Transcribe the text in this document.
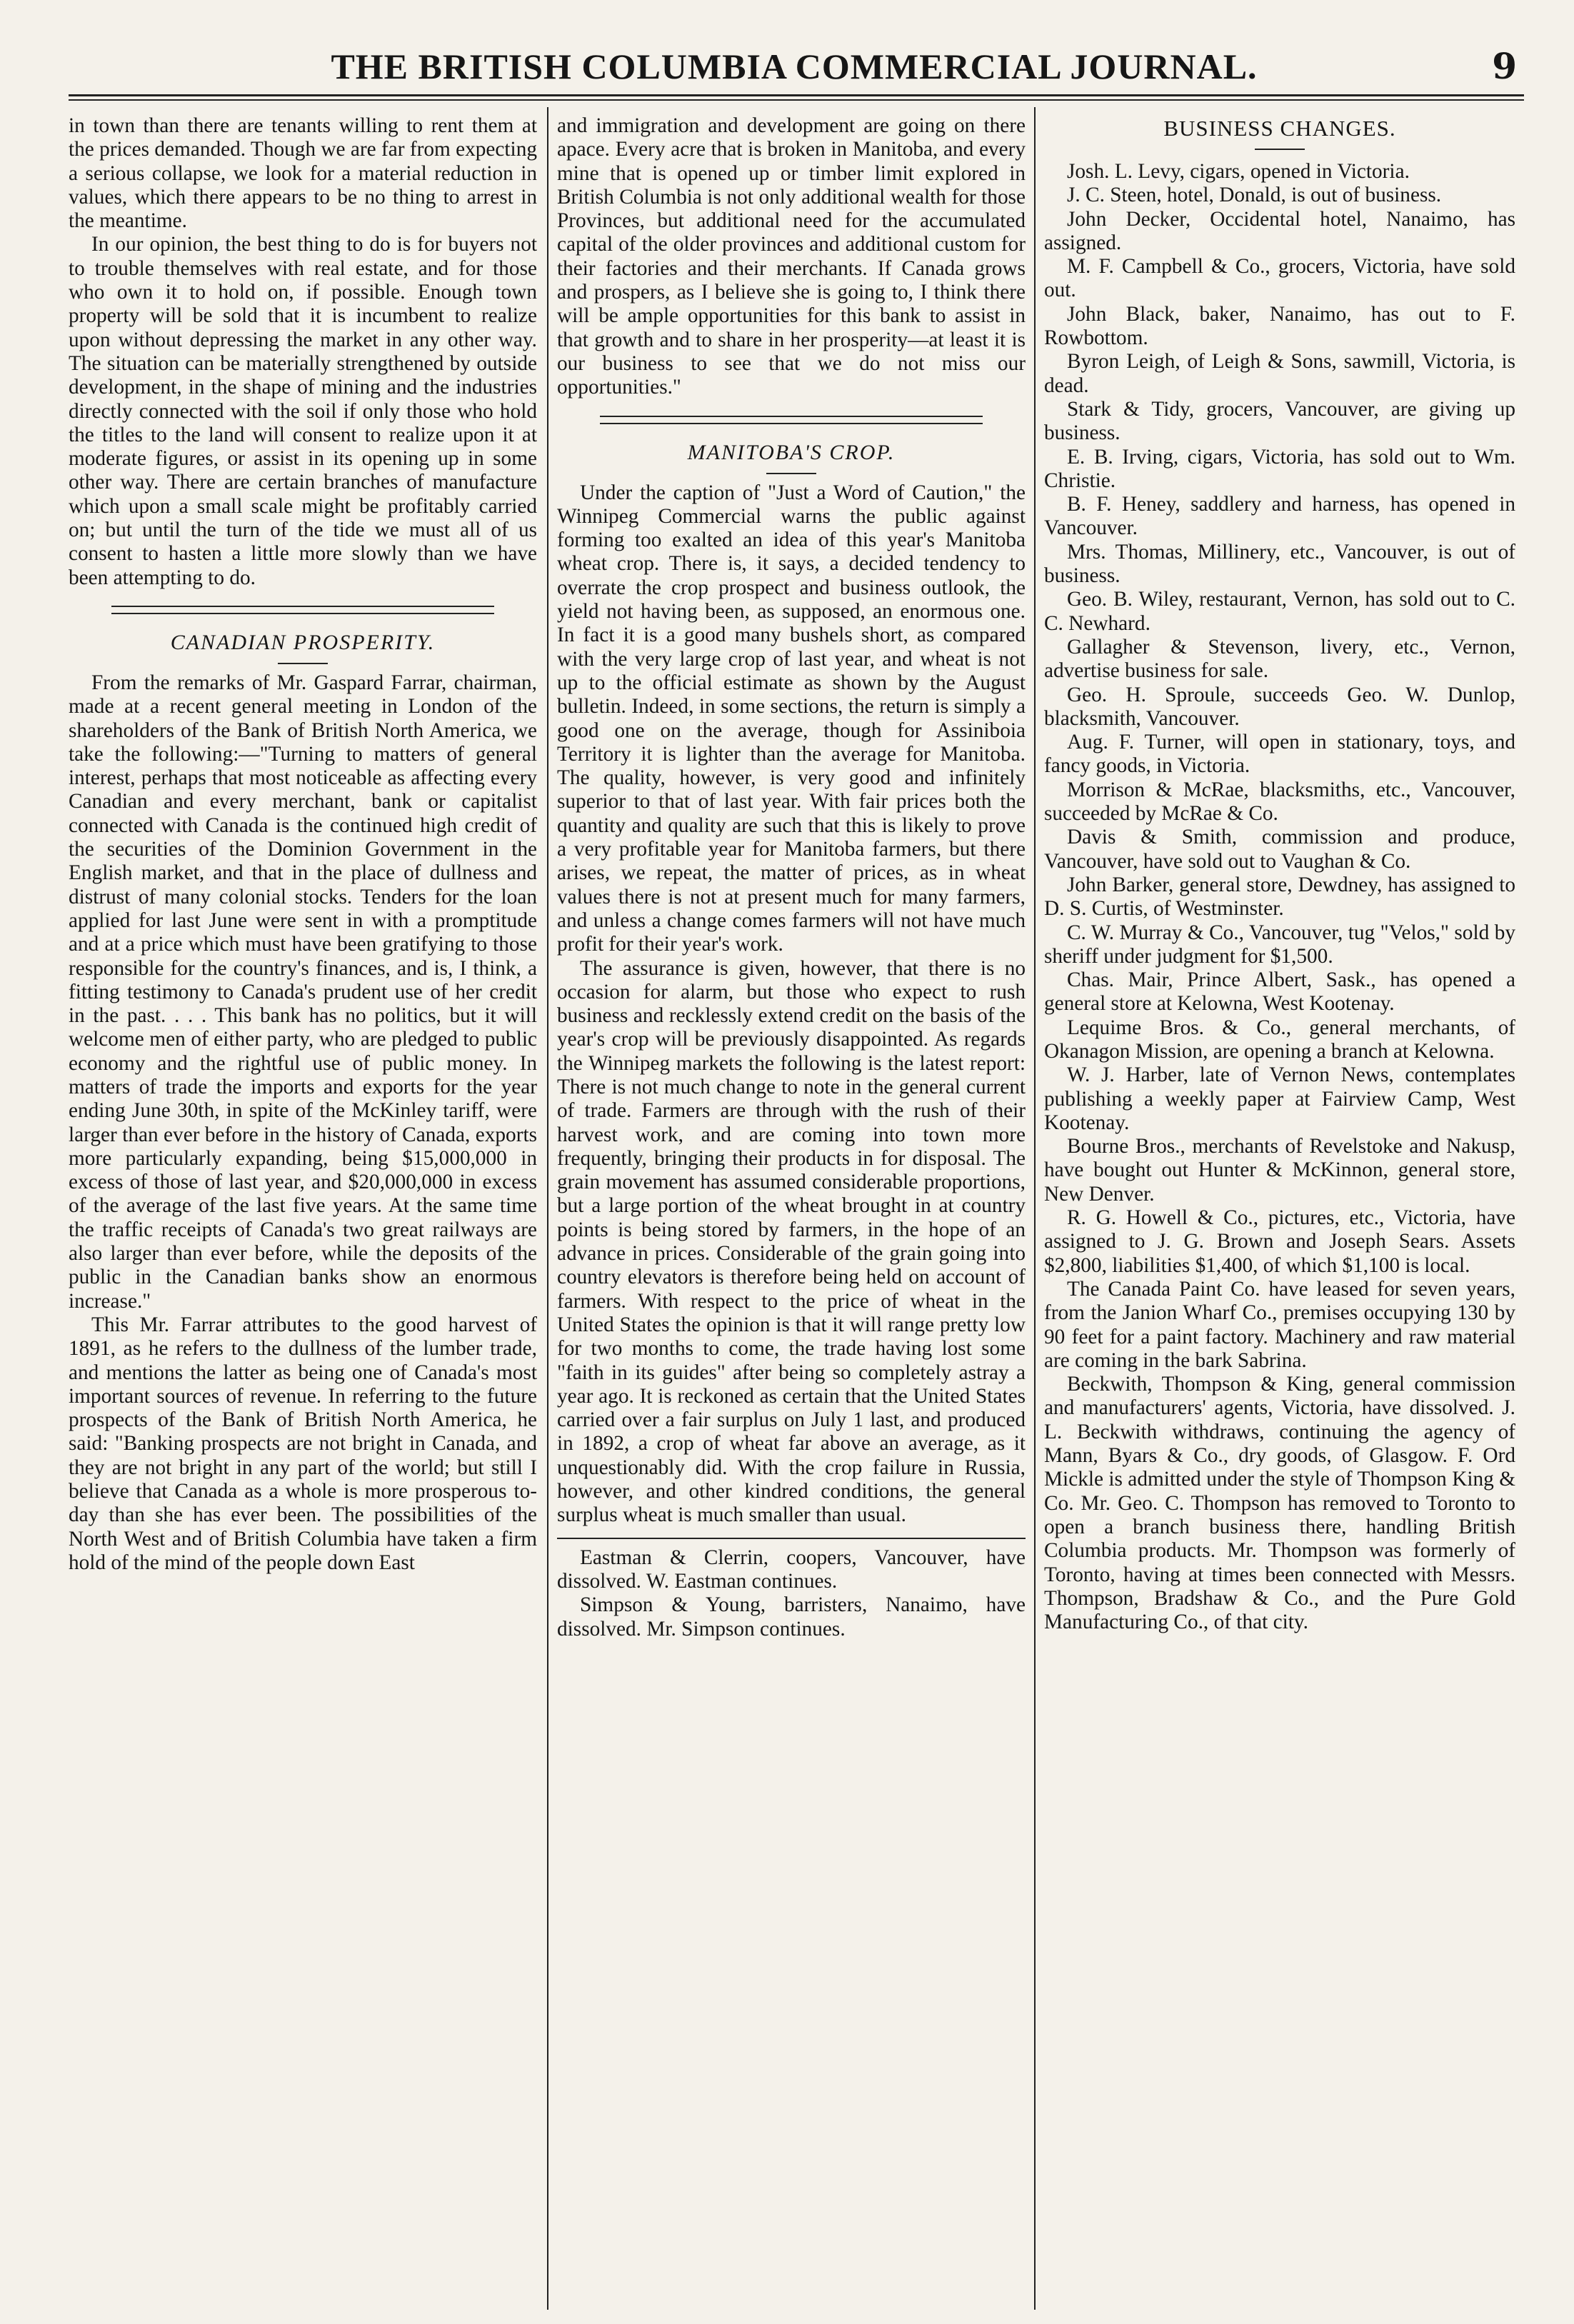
THE BRITISH COLUMBIA COMMERCIAL JOURNAL.	9

in town than there are tenants willing to rent them at the prices demanded. Though we are far from expecting a serious collapse, we look for a material reduction in values, which there appears to be no thing to arrest in the meantime.

In our opinion, the best thing to do is for buyers not to trouble themselves with real estate, and for those who own it to hold on, if possible. Enough town property will be sold that it is incumbent to realize upon without depressing the market in any other way. The situation can be materially strengthened by outside development, in the shape of mining and the industries directly connected with the soil if only those who hold the titles to the land will consent to realize upon it at moderate figures, or assist in its opening up in some other way. There are certain branches of manufacture which upon a small scale might be profitably carried on; but until the turn of the tide we must all of us consent to hasten a little more slowly than we have been attempting to do.

CANADIAN PROSPERITY.

From the remarks of Mr. Gaspard Farrar, chairman, made at a recent general meeting in London of the shareholders of the Bank of British North America, we take the following:—"Turning to matters of general interest, perhaps that most noticeable as affecting every Canadian and every merchant, bank or capitalist connected with Canada is the continued high credit of the securities of the Dominion Government in the English market, and that in the place of dullness and distrust of many colonial stocks. Tenders for the loan applied for last June were sent in with a promptitude and at a price which must have been gratifying to those responsible for the country's finances, and is, I think, a fitting testimony to Canada's prudent use of her credit in the past. . . . This bank has no politics, but it will welcome men of either party, who are pledged to public economy and the rightful use of public money. In matters of trade the imports and exports for the year ending June 30th, in spite of the McKinley tariff, were larger than ever before in the history of Canada, exports more particularly expanding, being $15,000,000 in excess of those of last year, and $20,000,000 in excess of the average of the last five years. At the same time the traffic receipts of Canada's two great railways are also larger than ever before, while the deposits of the public in the Canadian banks show an enormous increase."

This Mr. Farrar attributes to the good harvest of 1891, as he refers to the dullness of the lumber trade, and mentions the latter as being one of Canada's most important sources of revenue. In referring to the future prospects of the Bank of British North America, he said: "Banking prospects are not bright in Canada, and they are not bright in any part of the world; but still I believe that Canada as a whole is more prosperous to-day than she has ever been. The possibilities of the North West and of British Columbia have taken a firm hold of the mind of the people down East

and immigration and development are going on there apace. Every acre that is broken in Manitoba, and every mine that is opened up or timber limit explored in British Columbia is not only additional wealth for those Provinces, but additional need for the accumulated capital of the older provinces and additional custom for their factories and their merchants. If Canada grows and prospers, as I believe she is going to, I think there will be ample opportunities for this bank to assist in that growth and to share in her prosperity—at least it is our business to see that we do not miss our opportunities."

MANITOBA'S CROP.

Under the caption of "Just a Word of Caution," the Winnipeg Commercial warns the public against forming too exalted an idea of this year's Manitoba wheat crop. There is, it says, a decided tendency to overrate the crop prospect and business outlook, the yield not having been, as supposed, an enormous one. In fact it is a good many bushels short, as compared with the very large crop of last year, and wheat is not up to the official estimate as shown by the August bulletin. Indeed, in some sections, the return is simply a good one on the average, though for Assiniboia Territory it is lighter than the average for Manitoba. The quality, however, is very good and infinitely superior to that of last year. With fair prices both the quantity and quality are such that this is likely to prove a very profitable year for Manitoba farmers, but there arises, we repeat, the matter of prices, as in wheat values there is not at present much for many farmers, and unless a change comes farmers will not have much profit for their year's work.

The assurance is given, however, that there is no occasion for alarm, but those who expect to rush business and recklessly extend credit on the basis of the year's crop will be previously disappointed. As regards the Winnipeg markets the following is the latest report: There is not much change to note in the general current of trade. Farmers are through with the rush of their harvest work, and are coming into town more frequently, bringing their products in for disposal. The grain movement has assumed considerable proportions, but a large portion of the wheat brought in at country points is being stored by farmers, in the hope of an advance in prices. Considerable of the grain going into country elevators is therefore being held on account of farmers. With respect to the price of wheat in the United States the opinion is that it will range pretty low for two months to come, the trade having lost some "faith in its guides" after being so completely astray a year ago. It is reckoned as certain that the United States carried over a fair surplus on July 1 last, and produced in 1892, a crop of wheat far above an average, as it unquestionably did. With the crop failure in Russia, however, and other kindred conditions, the general surplus wheat is much smaller than usual.

Eastman & Clerrin, coopers, Vancouver, have dissolved. W. Eastman continues.

Simpson & Young, barristers, Nanaimo, have dissolved. Mr. Simpson continues.

BUSINESS CHANGES.

Josh. L. Levy, cigars, opened in Victoria.

J. C. Steen, hotel, Donald, is out of business.

John Decker, Occidental hotel, Nanaimo, has assigned.

M. F. Campbell & Co., grocers, Victoria, have sold out.

John Black, baker, Nanaimo, has out to F. Rowbottom.

Byron Leigh, of Leigh & Sons, sawmill, Victoria, is dead.

Stark & Tidy, grocers, Vancouver, are giving up business.

E. B. Irving, cigars, Victoria, has sold out to Wm. Christie.

B. F. Heney, saddlery and harness, has opened in Vancouver.

Mrs. Thomas, Millinery, etc., Vancouver, is out of business.

Geo. B. Wiley, restaurant, Vernon, has sold out to C. C. Newhard.

Gallagher & Stevenson, livery, etc., Vernon, advertise business for sale.

Geo. H. Sproule, succeeds Geo. W. Dunlop, blacksmith, Vancouver.

Aug. F. Turner, will open in stationary, toys, and fancy goods, in Victoria.

Morrison & McRae, blacksmiths, etc., Vancouver, succeeded by McRae & Co.

Davis & Smith, commission and produce, Vancouver, have sold out to Vaughan & Co.

John Barker, general store, Dewdney, has assigned to D. S. Curtis, of Westminster.

C. W. Murray & Co., Vancouver, tug "Velos," sold by sheriff under judgment for $1,500.

Chas. Mair, Prince Albert, Sask., has opened a general store at Kelowna, West Kootenay.

Lequime Bros. & Co., general merchants, of Okanagon Mission, are opening a branch at Kelowna.

W. J. Harber, late of Vernon News, contemplates publishing a weekly paper at Fairview Camp, West Kootenay.

Bourne Bros., merchants of Revelstoke and Nakusp, have bought out Hunter & McKinnon, general store, New Denver.

R. G. Howell & Co., pictures, etc., Victoria, have assigned to J. G. Brown and Joseph Sears. Assets $2,800, liabilities $1,400, of which $1,100 is local.

The Canada Paint Co. have leased for seven years, from the Janion Wharf Co., premises occupying 130 by 90 feet for a paint factory. Machinery and raw material are coming in the bark Sabrina.

Beckwith, Thompson & King, general commission and manufacturers' agents, Victoria, have dissolved. J. L. Beckwith withdraws, continuing the agency of Mann, Byars & Co., dry goods, of Glasgow. F. Ord Mickle is admitted under the style of Thompson King & Co. Mr. Geo. C. Thompson has removed to Toronto to open a branch business there, handling British Columbia products. Mr. Thompson was formerly of Toronto, having at times been connected with Messrs. Thompson, Bradshaw & Co., and the Pure Gold Manufacturing Co., of that city.
